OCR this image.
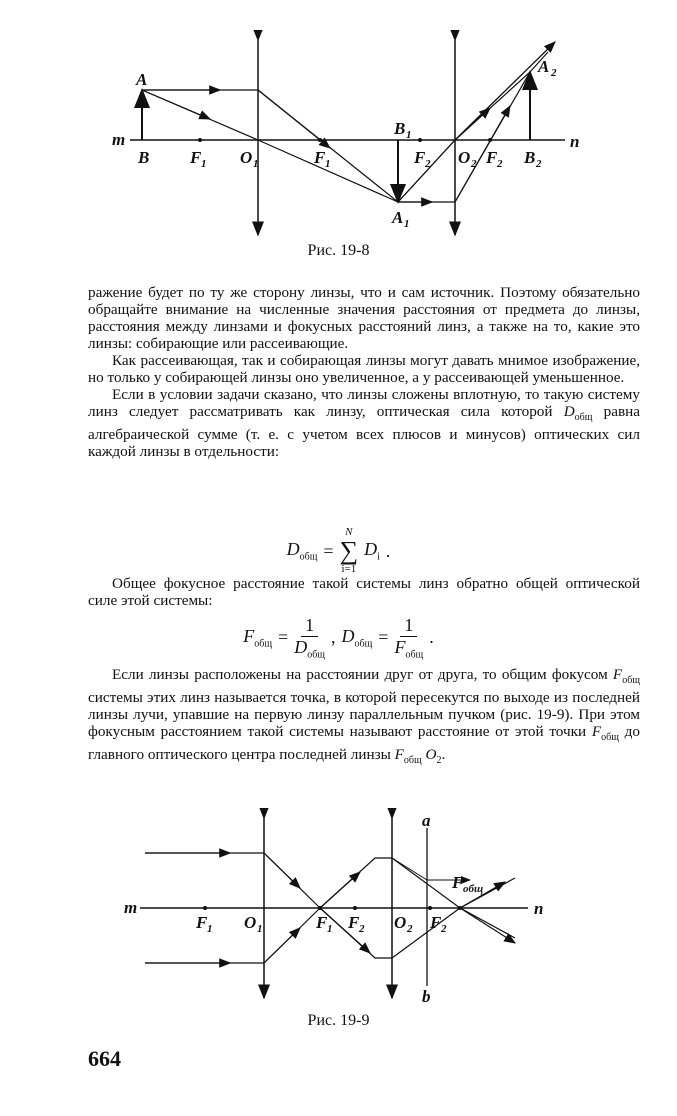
A
A 2
m	n
B F 1 O 1	F 1
B 1
F 2 O 2 F 2 B 2
A 1
Рис. 19-8

ражение будет по ту же сторону линзы, что и сам источник. Поэтому обязательно обращайте внимание на численные значения расстояния от предмета до линзы, расстояния между линзами и фокусных расстояний линз, а также на то, какие это линзы: собирающие или рассеивающие.

Как рассеивающая, так и собирающая линзы могут давать мнимое изображение, но только у собирающей линзы оно увеличенное, а у рассеивающей уменьшенное.

Если в условии задачи сказано, что линзы сложены вплотную, то такую систему линз следует рассматривать как линзу, оптическая сила которой $D_{общ}$ равна алгебраической сумме (т. е. с учетом всех плюсов и минусов) оптических сил каждой линзы в отдельности:

$D_{общ}$ =
N
∑
i=1
$D_i$ .

Общее фокусное расстояние такой системы линз обратно общей оптической силе этой системы:

$F_{общ}$ =
1
$D_{общ}$
, $D_{общ}$ =
1
$F_{общ}$
.

Если линзы расположены на расстоянии друг от друга, то общим фокусом $F_{общ}$ системы этих линз называется точка, в которой пересекутся по выходе из последней линзы лучи, упавшие на первую линзу параллельным пучком (рис. 19-9). При этом фокусным расстоянием такой системы называют расстояние от этой точки $F_{общ}$ до главного оптического центра последней линзы $F_{общ}$ $O_2$.

m	n
a
b
F 1 O 1	F 1 F 2 O 2 F 2
F общ
Рис. 19-9
664
